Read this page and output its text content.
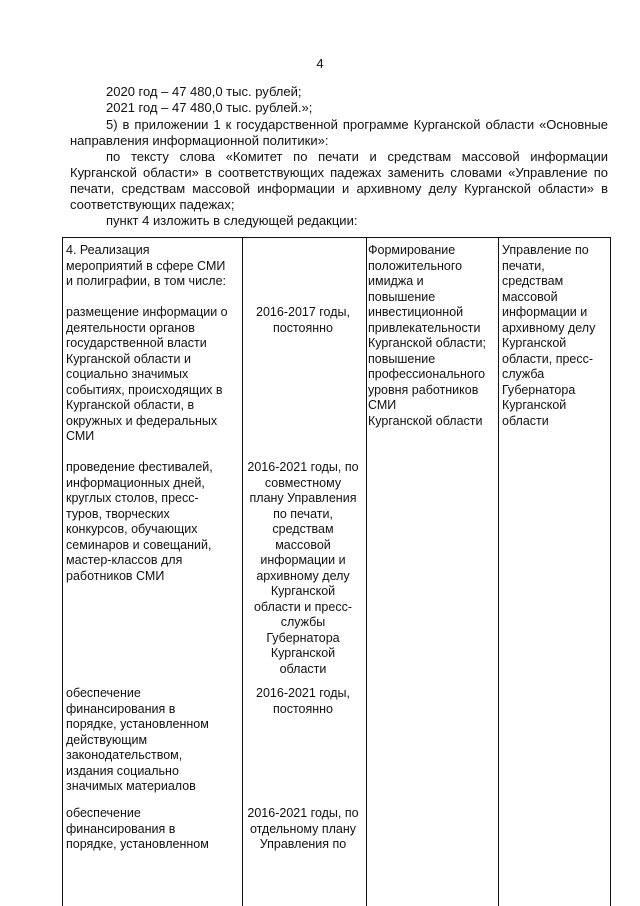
4
2020 год – 47 480,0 тыс. рублей;
2021 год – 47 480,0 тыс. рублей.»;
5) в приложении 1 к государственной программе Курганской области «Основные
направления информационной политики»:
по тексту слова «Комитет по печати и средствам массовой информации
Курганской области» в соответствующих падежах заменить словами «Управление по
печати, средствам массовой информации и архивному делу Курганской области» в
соответствующих падежах;
пункт 4 изложить в следующей редакции:
4. Реализация
мероприятий в сфере СМИ
и полиграфии, в том числе:
размещение информации о
деятельности органов
государственной власти
Курганской области и
социально значимых
событиях, происходящих в
Курганской области, в
окружных и федеральных
СМИ
2016-2017 годы,
постоянно
проведение фестивалей,
информационных дней,
круглых столов, пресс-
туров, творческих
конкурсов, обучающих
семинаров и совещаний,
мастер-классов для
работников СМИ
2016-2021 годы, по
совместному
плану Управления
по печати,
средствам
массовой
информации и
архивному делу
Курганской
области и пресс-
службы
Губернатора
Курганской
области
обеспечение
финансирования в
порядке, установленном
действующим
законодательством,
издания социально
значимых материалов
2016-2021 годы,
постоянно
обеспечение
финансирования в
порядке, установленном
2016-2021 годы, по
отдельному плану
Управления по
Формирование
положительного
имиджа и
повышение
инвестиционной
привлекательности
Курганской области;
повышение
профессионального
уровня работников
СМИ
Курганской области
Управление по
печати,
средствам
массовой
информации и
архивному делу
Курганской
области, пресс-
служба
Губернатора
Курганской
области
